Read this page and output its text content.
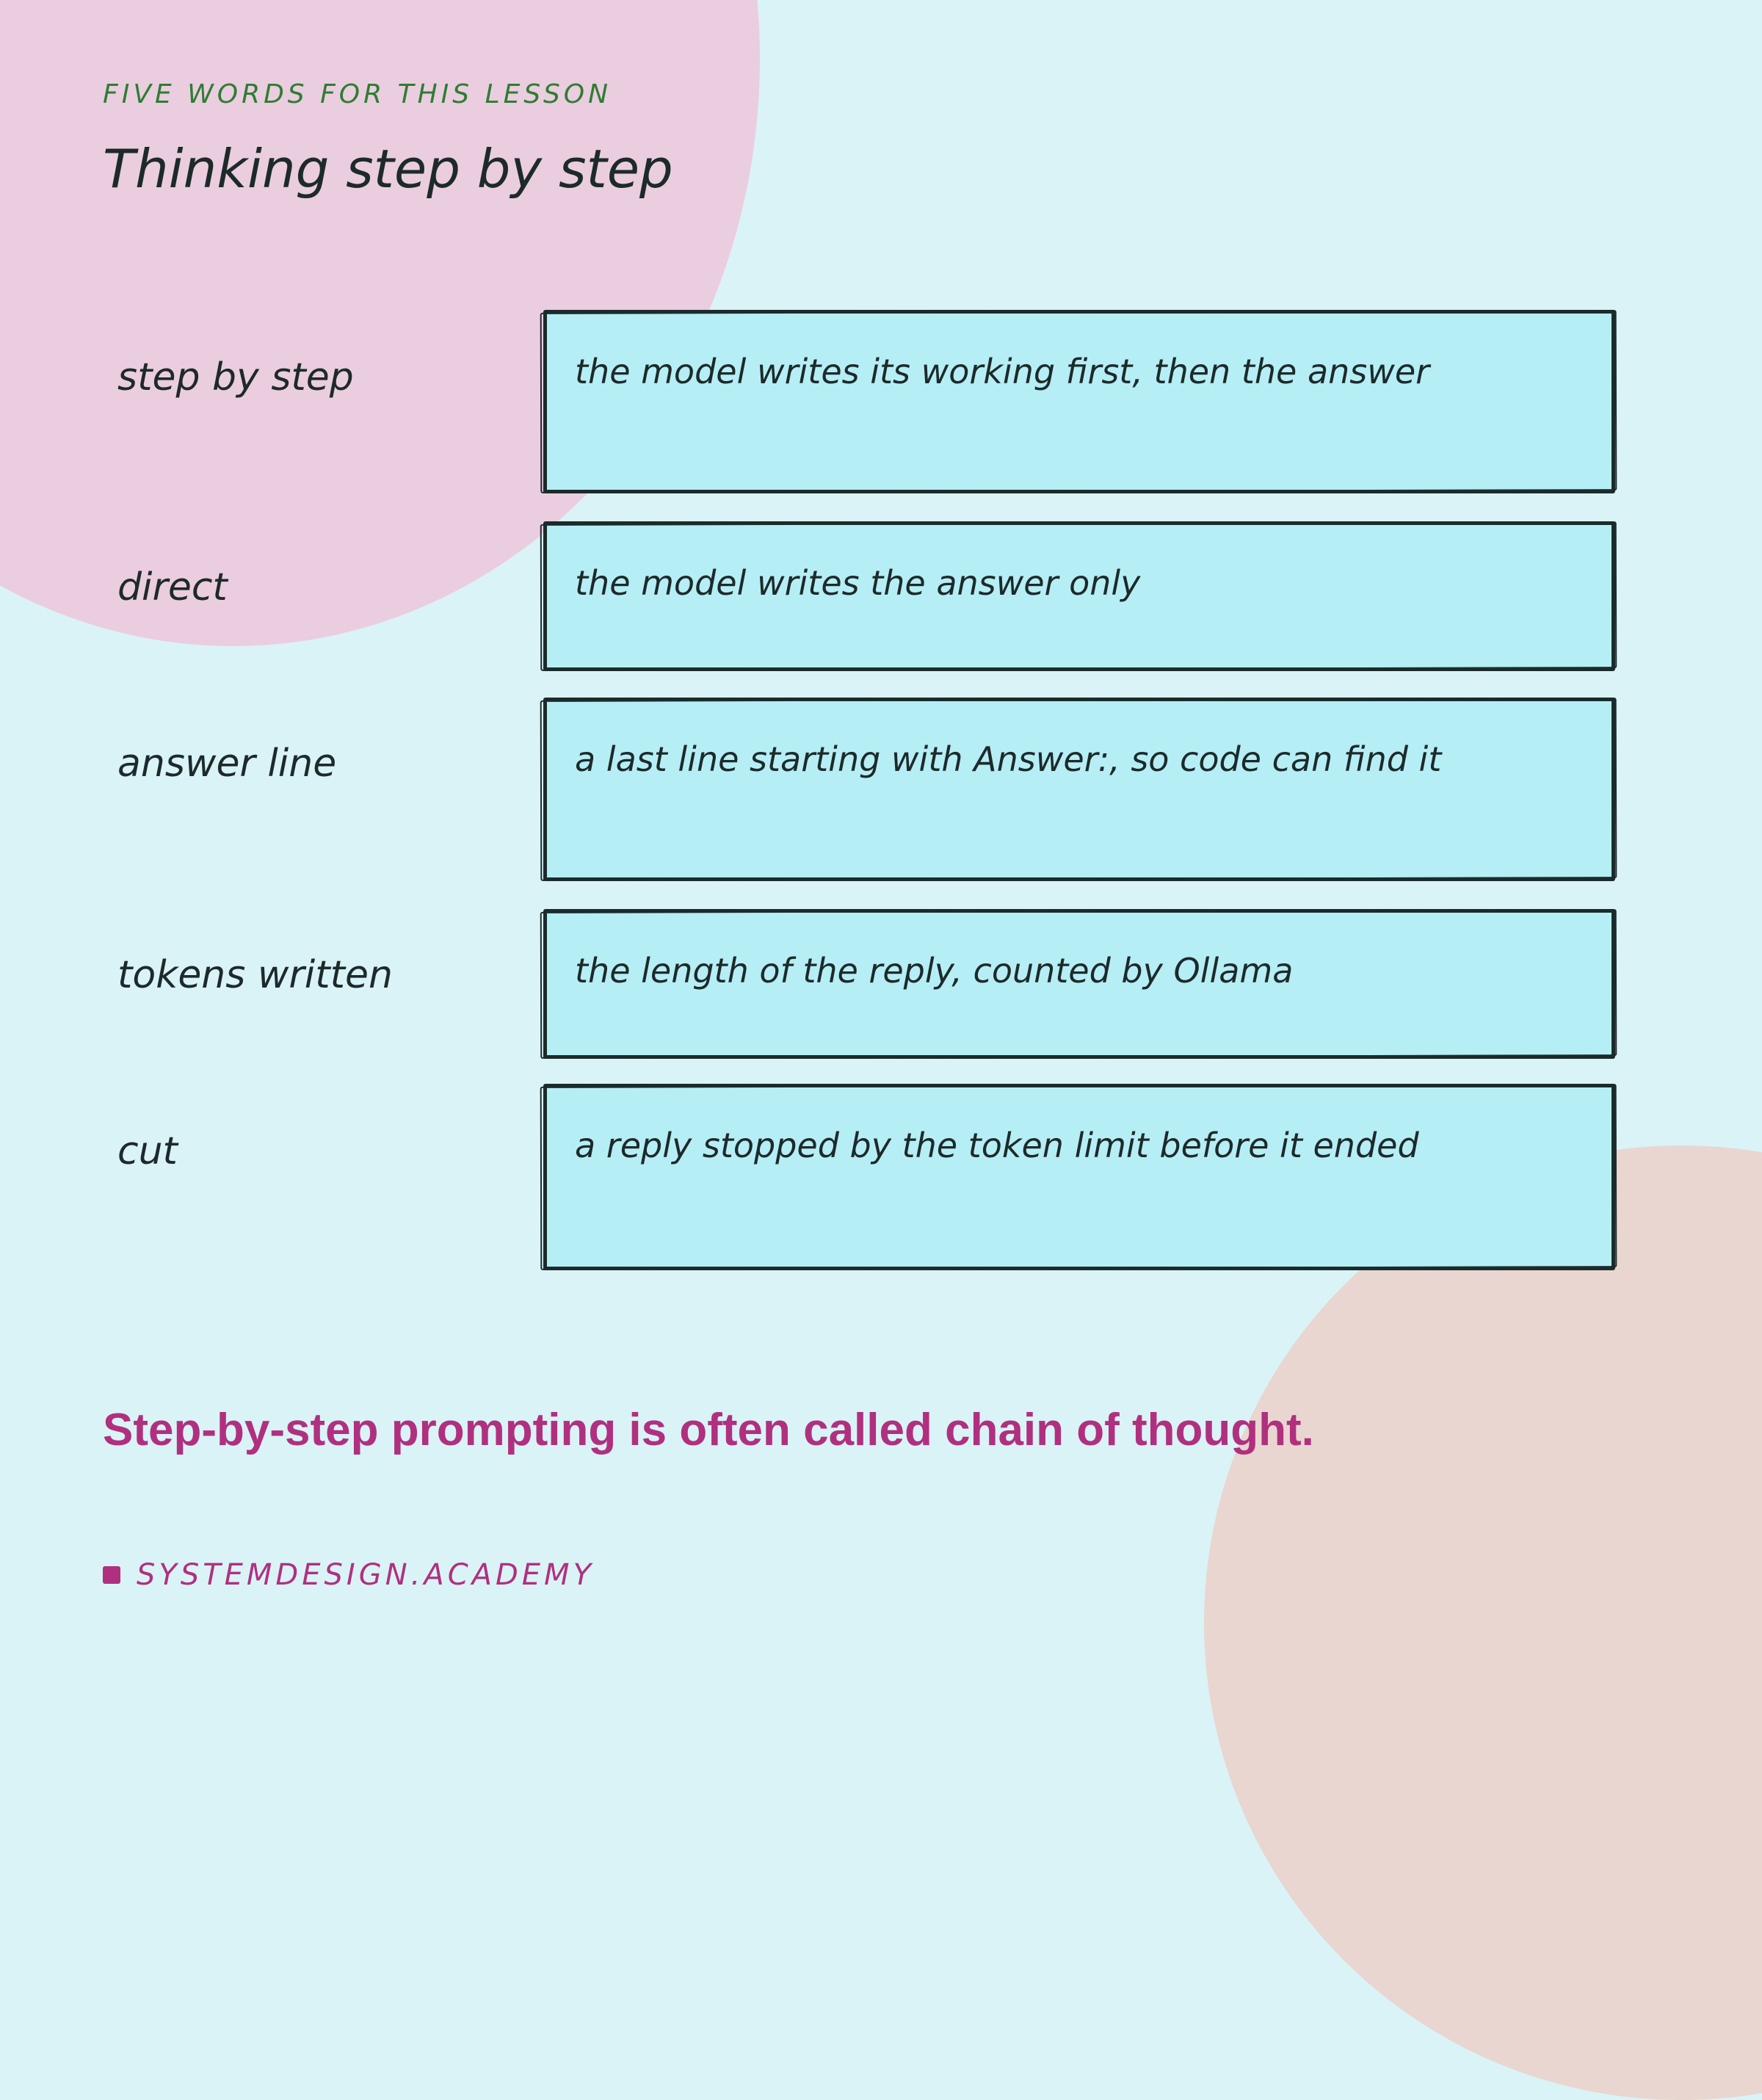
FIVE WORDS FOR THIS LESSON
Thinking step by step
step by step	the model writes its working first, then the answer
direct	the model writes the answer only
answer line	a last line starting with Answer:, so code can find it
tokens written	the length of the reply, counted by Ollama
cut	a reply stopped by the token limit before it ended
Step-by-step prompting is often called chain of thought.
SYSTEMDESIGN.ACADEMY
